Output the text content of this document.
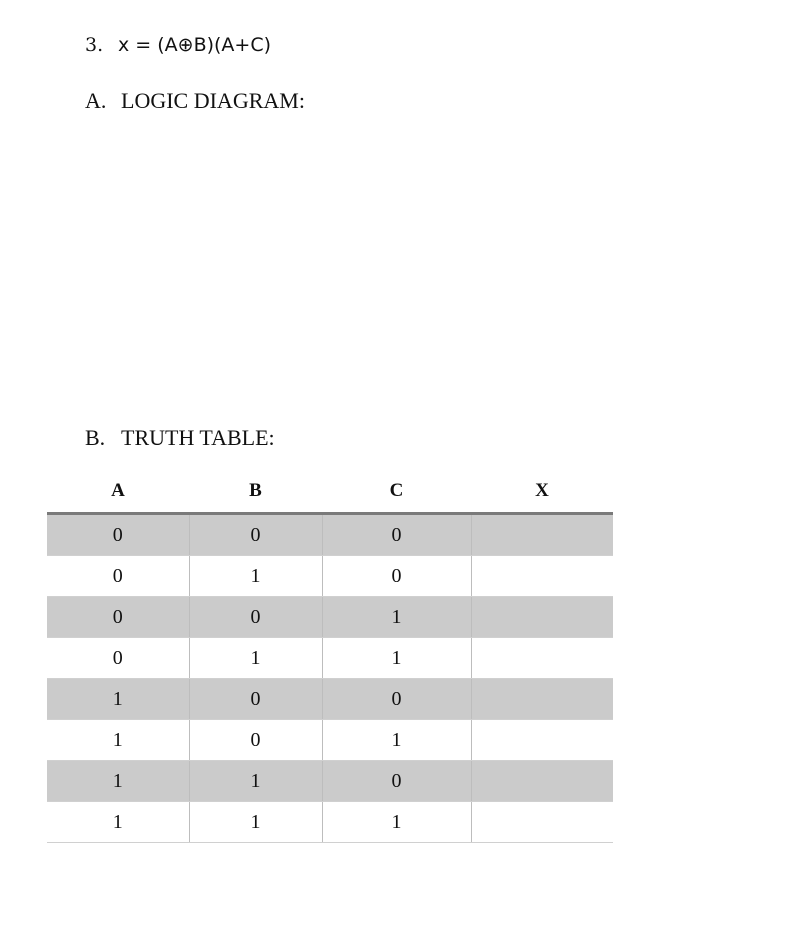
3. x = (A⊕B)(A+C)
A. LOGIC DIAGRAM:
B. TRUTH TABLE:
A	B	C	X
0	0	0	
0	1	0	
0	0	1	
0	1	1	
1	0	0	
1	0	1	
1	1	0	
1	1	1	
